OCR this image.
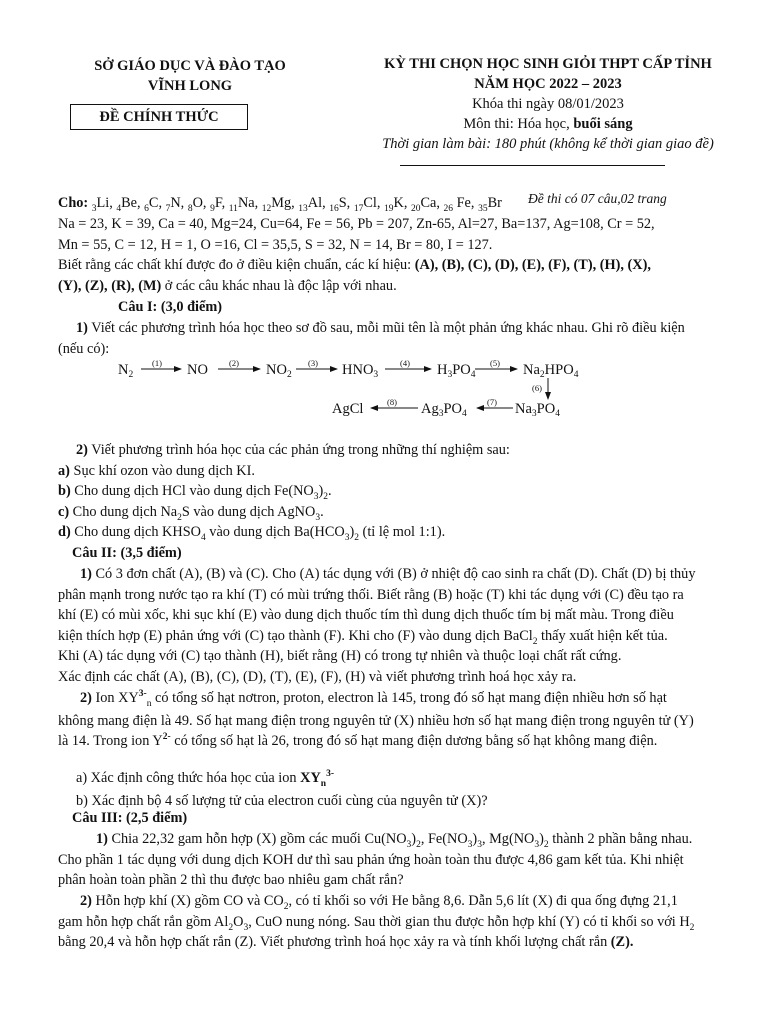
SỞ GIÁO DỤC VÀ ĐÀO TẠO
VĨNH LONG
ĐỀ CHÍNH THỨC
KỲ THI CHỌN HỌC SINH GIỎI THPT CẤP TỈNH
NĂM HỌC 2022 – 2023
Khóa thi ngày 08/01/2023
Môn thi: Hóa học, buổi sáng
Thời gian làm bài: 180 phút (không kể thời gian giao đề)
Cho: $_3$Li, $_4$Be, $_6$C, $_7$N, $_8$O, $_9$F, $_{11}$Na, $_{12}$Mg, $_{13}$Al, $_{16}$S, $_{17}$Cl, $_{19}$K, $_{20}$Ca, $_{26}$ Fe, $_{35}$Br	Đề thi có 07 câu,02 trang
Na = 23, K = 39, Ca = 40, Mg=24, Cu=64, Fe = 56, Pb = 207, Zn-65, Al=27, Ba=137, Ag=108, Cr = 52,
Mn = 55, C = 12, H = 1, O =16, Cl = 35,5, S = 32, N = 14, Br = 80, I = 127.
Biết rằng các chất khí được đo ở điều kiện chuẩn, các kí hiệu: (A), (B), (C), (D), (E), (F), (T), (H), (X),
(Y), (Z), (R), (M) ở các câu khác nhau là độc lập với nhau.
Câu I: (3,0 điểm)
1) Viết các phương trình hóa học theo sơ đồ sau, mỗi mũi tên là một phản ứng khác nhau. Ghi rõ điều kiện
(nếu có):
$N_2$	NO	$NO_2$	$HNO_3$	$H_3PO_4$	$Na_2HPO_4$
$Na_3PO_4$
$Ag_3PO_4$
AgCl
(1)	(2)	(3)	(4)	(5)
(6)
(7)
(8)
2) Viết phương trình hóa học của các phản ứng trong những thí nghiệm sau:
a) Sục khí ozon vào dung dịch KI.
b) Cho dung dịch HCl vào dung dịch $Fe(NO_3)_2$.
c) Cho dung dịch $Na_2S$ vào dung dịch AgNO$_3$.
d) Cho dung dịch $KHSO_4$ vào dung dịch $Ba(HCO_3)_2$ (tỉ lệ mol 1:1).
Câu II: (3,5 điểm)
1) Có 3 đơn chất (A), (B) và (C). Cho (A) tác dụng với (B) ở nhiệt độ cao sinh ra chất (D). Chất (D) bị thủy
phân mạnh trong nước tạo ra khí (T) có mùi trứng thối. Biết rằng (B) hoặc (T) khi tác dụng với (C) đều tạo ra
khí (E) có mùi xốc, khi sục khí (E) vào dung dịch thuốc tím thì dung dịch thuốc tím bị mất màu. Trong điều
kiện thích hợp (E) phản ứng với (C) tạo thành (F). Khi cho (F) vào dung dịch BaCl$_2$ thấy xuất hiện kết tủa.
Khi (A) tác dụng với (C) tạo thành (H), biết rằng (H) có trong tự nhiên và thuộc loại chất rất cứng.
Xác định các chất (A), (B), (C), (D), (T), (E), (F), (H) và viết phương trình hoá học xảy ra.
2) Ion $XY^{3-}_n$ có tổng số hạt nơtron, proton, electron là 145, trong đó số hạt mang điện nhiều hơn số hạt
không mang điện là 49. Số hạt mang điện trong nguyên tử (X) nhiều hơn số hạt mang điện trong nguyên tử (Y)
là 14. Trong ion $Y^{2-}$ có tổng số hạt là 26, trong đó số hạt mang điện dương bằng số hạt không mang điện.
a) Xác định công thức hóa học của ion $XY_n^{3-}$
b) Xác định bộ 4 số lượng tử của electron cuối cùng của nguyên tử (X)?
Câu III: (2,5 điểm)
1) Chia 22,32 gam hỗn hợp (X) gồm các muối $Cu(NO_3)_2$, $Fe(NO_3)_3$, $Mg(NO_3)_2$ thành 2 phần bằng nhau.
Cho phần 1 tác dụng với dung dịch KOH dư thì sau phản ứng hoàn toàn thu được 4,86 gam kết tủa. Khi nhiệt
phân hoàn toàn phần 2 thì thu được bao nhiêu gam chất rắn?
2) Hỗn hợp khí (X) gồm CO và $CO_2$, có tỉ khối so với He bằng 8,6. Dẫn 5,6 lít (X) đi qua ống đựng 21,1
gam hỗn hợp chất rắn gồm $Al_2O_3$, CuO nung nóng. Sau thời gian thu được hỗn hợp khí (Y) có tỉ khối so với $H_2$
bằng 20,4 và hỗn hợp chất rắn (Z). Viết phương trình hoá học xảy ra và tính khối lượng chất rắn (Z).
